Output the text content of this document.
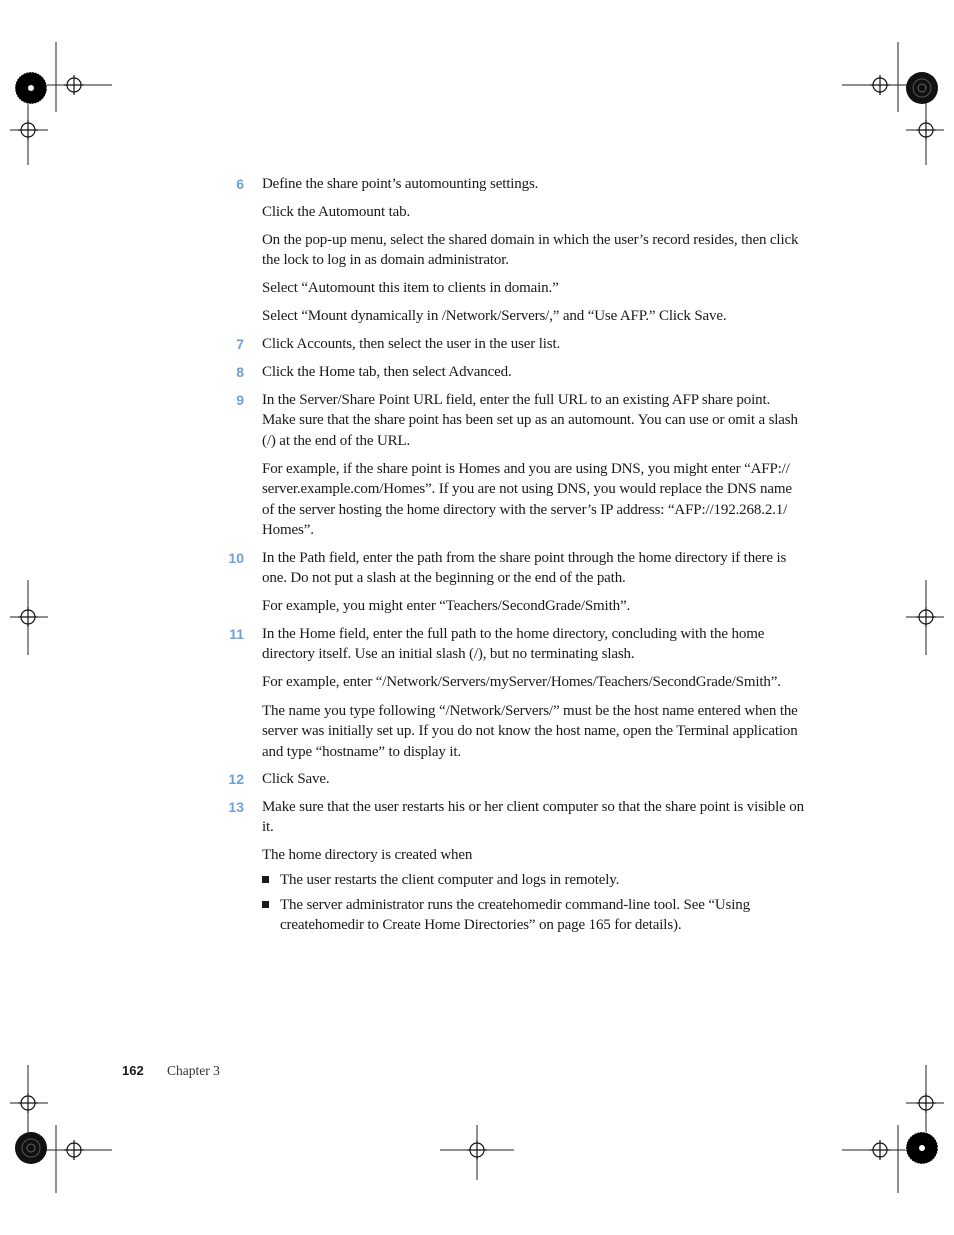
6 Define the share point’s automounting settings.
Click the Automount tab.
On the pop-up menu, select the shared domain in which the user’s record resides, then click the lock to log in as domain administrator.
Select “Automount this item to clients in domain.”
Select “Mount dynamically in /Network/Servers/,” and “Use AFP.” Click Save.
7 Click Accounts, then select the user in the user list.
8 Click the Home tab, then select Advanced.
9 In the Server/Share Point URL field, enter the full URL to an existing AFP share point. Make sure that the share point has been set up as an automount. You can use or omit a slash (/) at the end of the URL.
For example, if the share point is Homes and you are using DNS, you might enter “AFP:// server.example.com/Homes”. If you are not using DNS, you would replace the DNS name of the server hosting the home directory with the server’s IP address: “AFP://192.268.2.1/ Homes”.
10 In the Path field, enter the path from the share point through the home directory if there is one. Do not put a slash at the beginning or the end of the path.
For example, you might enter “Teachers/SecondGrade/Smith”.
11 In the Home field, enter the full path to the home directory, concluding with the home directory itself. Use an initial slash (/), but no terminating slash.
For example, enter “/Network/Servers/myServer/Homes/Teachers/SecondGrade/Smith”.
The name you type following “/Network/Servers/” must be the host name entered when the server was initially set up. If you do not know the host name, open the Terminal application and type “hostname” to display it.
12 Click Save.
13 Make sure that the user restarts his or her client computer so that the share point is visible on it.
The home directory is created when
The user restarts the client computer and logs in remotely.
The server administrator runs the createhomedir command-line tool. See “Using createhomedir to Create Home Directories” on page 165 for details).
162 Chapter 3
